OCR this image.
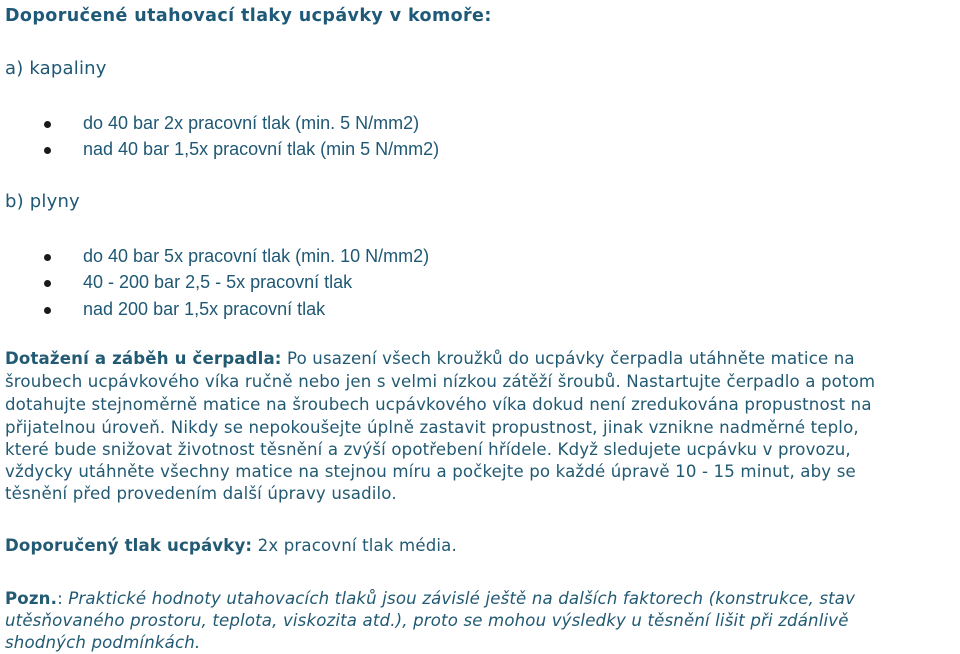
Doporučené utahovací tlaky ucpávky v komoře:
a) kapaliny
do 40 bar 2x pracovní tlak (min. 5 N/mm2)
nad 40 bar 1,5x pracovní tlak (min 5 N/mm2)
b) plyny
do 40 bar 5x pracovní tlak (min. 10 N/mm2)
40 - 200 bar 2,5 - 5x pracovní tlak
nad 200 bar 1,5x pracovní tlak
Dotažení a záběh u čerpadla: Po usazení všech kroužků do ucpávky čerpadla utáhněte matice na
šroubech ucpávkového víka ručně nebo jen s velmi nízkou zátěží šroubů. Nastartujte čerpadlo a potom
dotahujte stejnoměrně matice na šroubech ucpávkového víka dokud není zredukována propustnost na
přijatelnou úroveň. Nikdy se nepokoušejte úplně zastavit propustnost, jinak vznikne nadměrné teplo,
které bude snižovat životnost těsnění a zvýší opotřebení hřídele. Když sledujete ucpávku v provozu,
vždycky utáhněte všechny matice na stejnou míru a počkejte po každé úpravě 10 - 15 minut, aby se
těsnění před provedením další úpravy usadilo.
Doporučený tlak ucpávky: 2x pracovní tlak média.
Pozn.: Praktické hodnoty utahovacích tlaků jsou závislé ještě na dalších faktorech (konstrukce, stav
utěsňovaného prostoru, teplota, viskozita atd.), proto se mohou výsledky u těsnění lišit při zdánlivě
shodných podmínkách.
